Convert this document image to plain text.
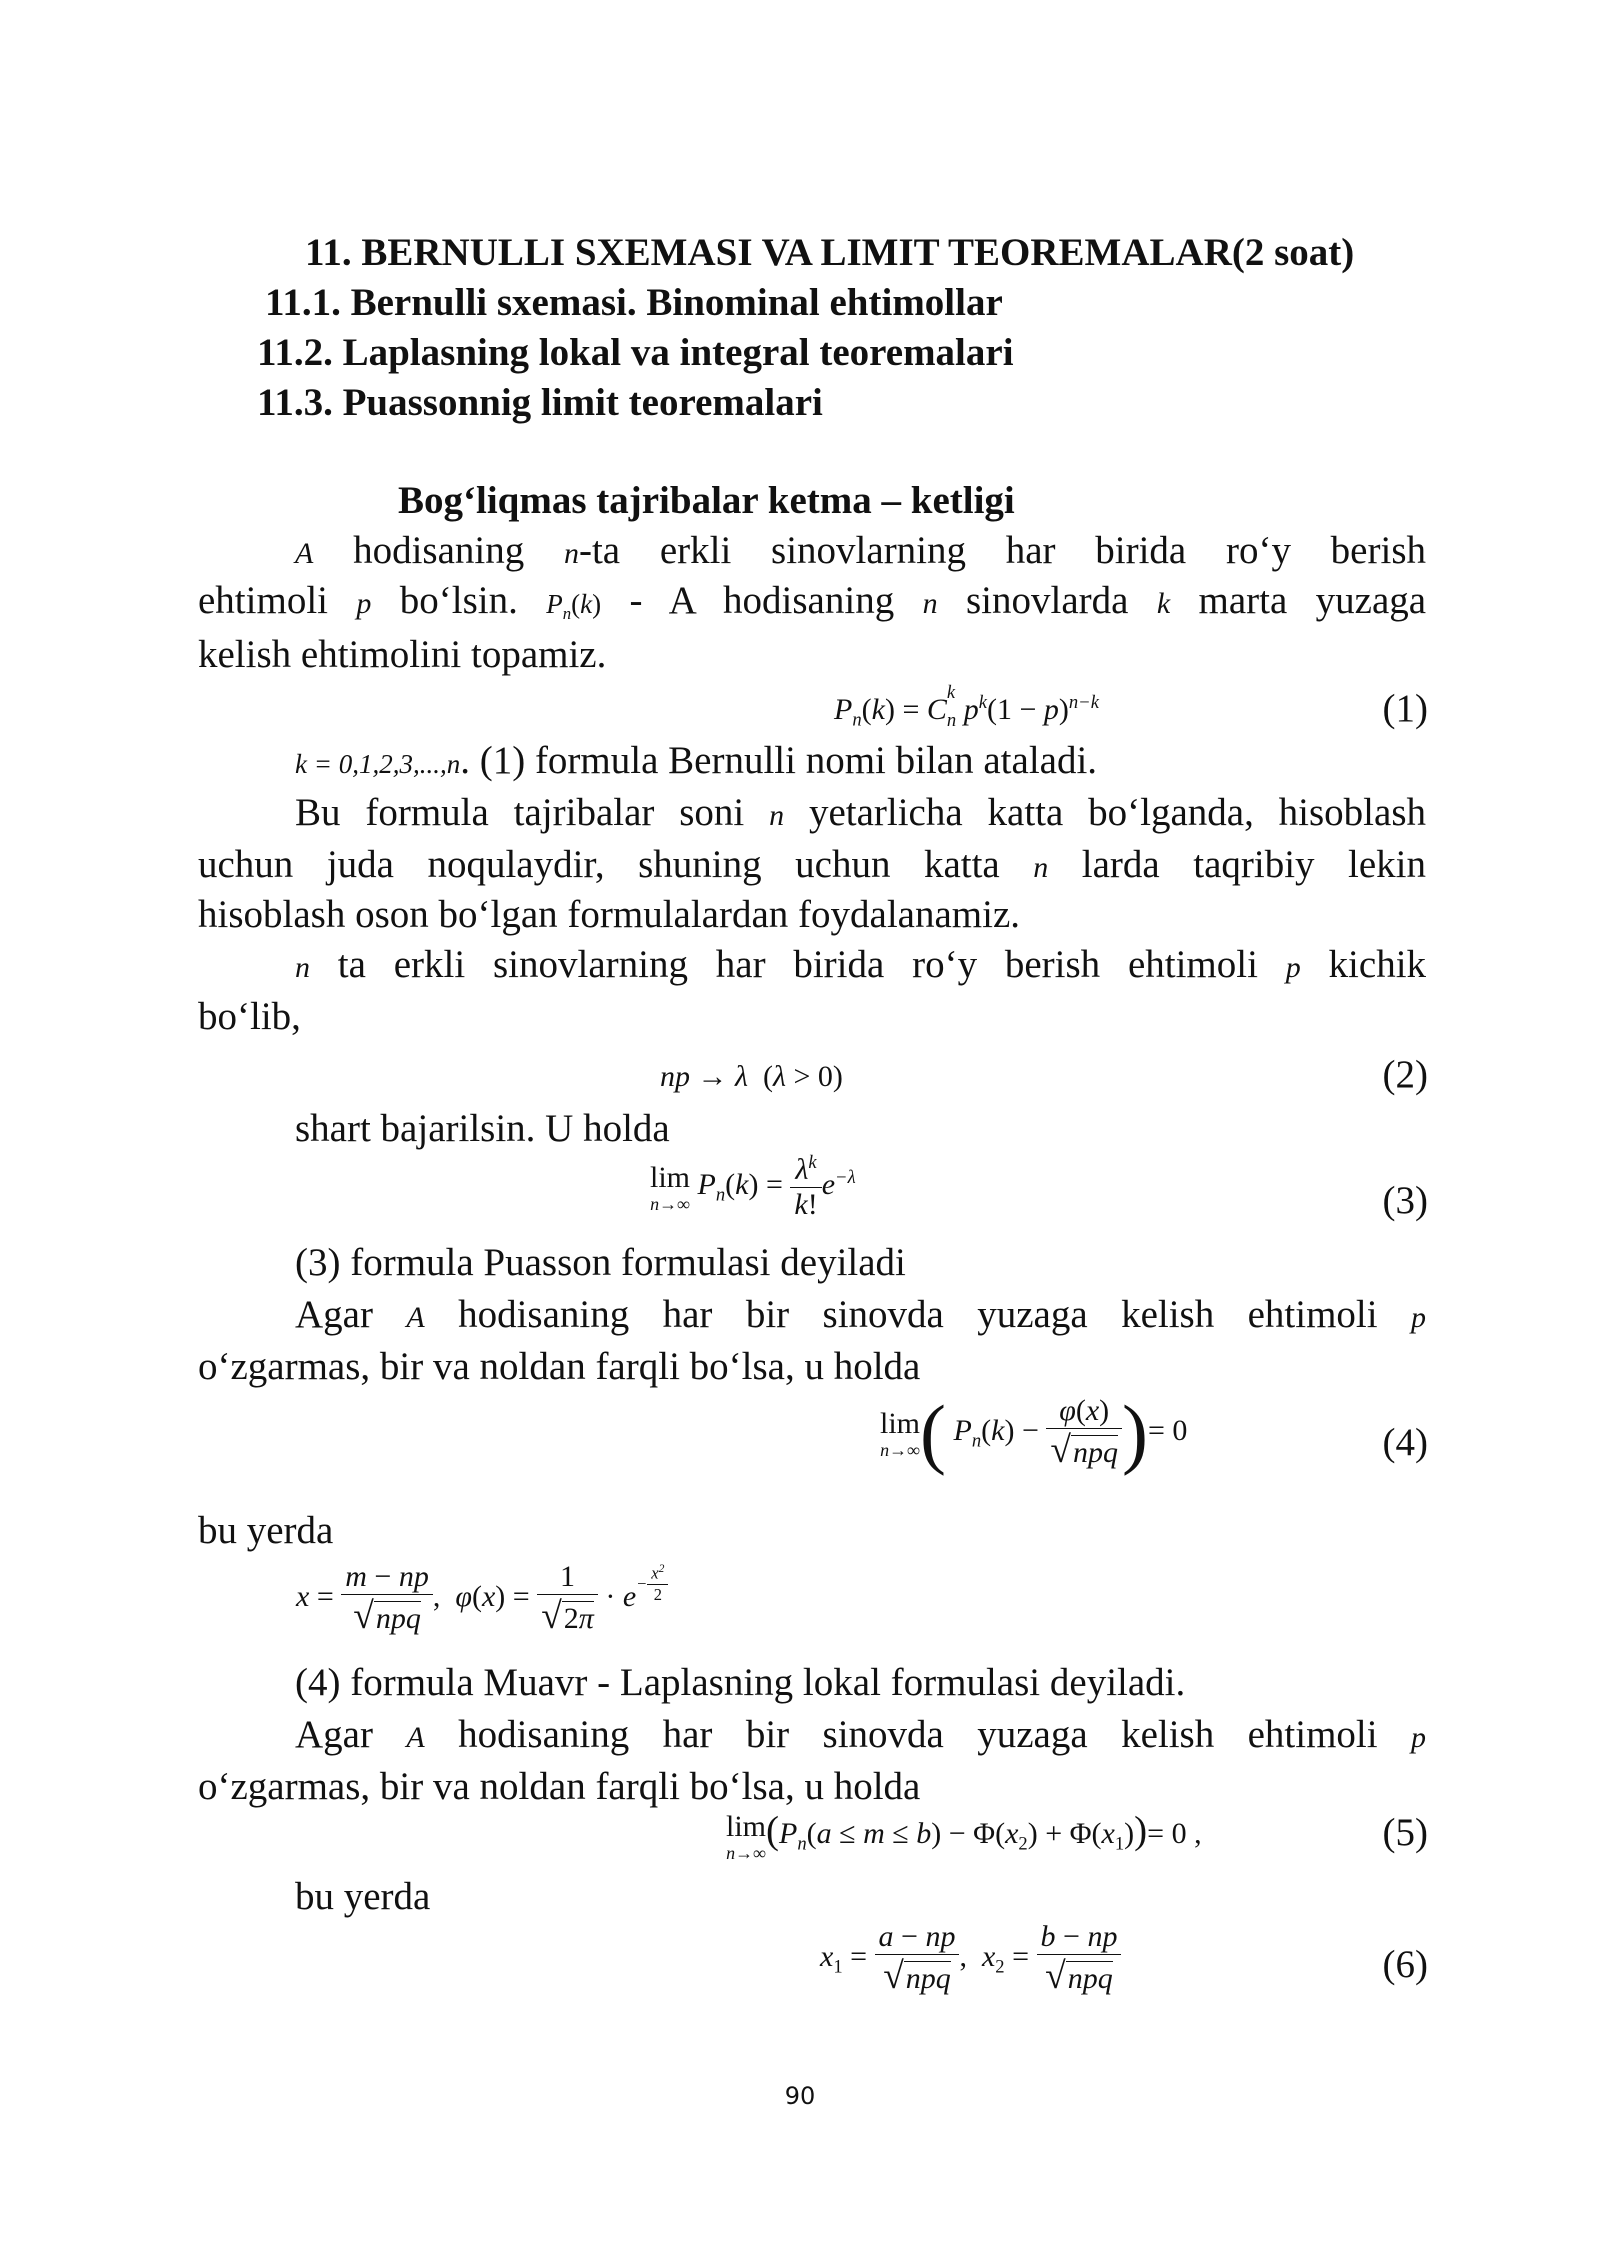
11. BERNULLI SXEMASI VA LIMIT TEOREMALAR(2 soat)
11.1. Bernulli sxemasi. Binominal ehtimollar
11.2. Laplasning lokal va integral teoremalari
11.3. Puassonnig limit teoremalari
Bog‘liqmas tajribalar ketma – ketligi
A hodisaning n-ta erkli sinovlarning har birida ro‘y berish
ehtimoli p bo‘lsin. $P_n(k)$ - A hodisaning n sinovlarda k marta yuzaga
kelish ehtimolini topamiz.
$P_n(k) = C$
$_{k n}$ $p^k(1 - p)^{n-k}$	(1)
k = 0,1,2,3,...,n. (1) formula Bernulli nomi bilan ataladi.
Bu formula tajribalar soni n yetarlicha katta bo‘lganda, hisoblash
uchun juda noqulaydir, shuning uchun katta n larda taqribiy lekin
hisoblash oson bo‘lgan formulalardan foydalanamiz.
n ta erkli sinovlarning har birida ro‘y berish ehtimoli p kichik
bo‘lib,
np → λ  (λ > 0)	(2)
shart bajarilsin. U holda
lim
n→∞
$P_n(k) = \frac{\lambda^k}{k!} e^{-\lambda}$
(3)
(3) formula Puasson formulasi deyiladi
Agar A hodisaning har bir sinovda yuzaga kelish ehtimoli p
o‘zgarmas, bir va noldan farqli bo‘lsa, u holda
lim
n→∞ ( $P_n(k) - \frac{\varphi(x)}{\text{√npq}}$ )= 0	(4)
bu yerda
$x = \frac{m - np}{\text{√npq}}$ ,  $\varphi(x) = \frac{1}{√2\pi} \cdot e- \frac{x^2}{2}$
(4) formula Muavr - Laplasning lokal formulasi deyiladi.
Agar A hodisaning har bir sinovda yuzaga kelish ehtimoli p
o‘zgarmas, bir va noldan farqli bo‘lsa, u holda
lim
n→∞
$(P_n(a \le m \le b) - \Phi(x_2) + \Phi(x_1))= 0$ ,	(5)
bu yerda
$x_1 = \frac{a - np}{\text{√npq}}$ ,  $x_2 = \frac{b - np}{\text{√npq}}$	(6)
90
